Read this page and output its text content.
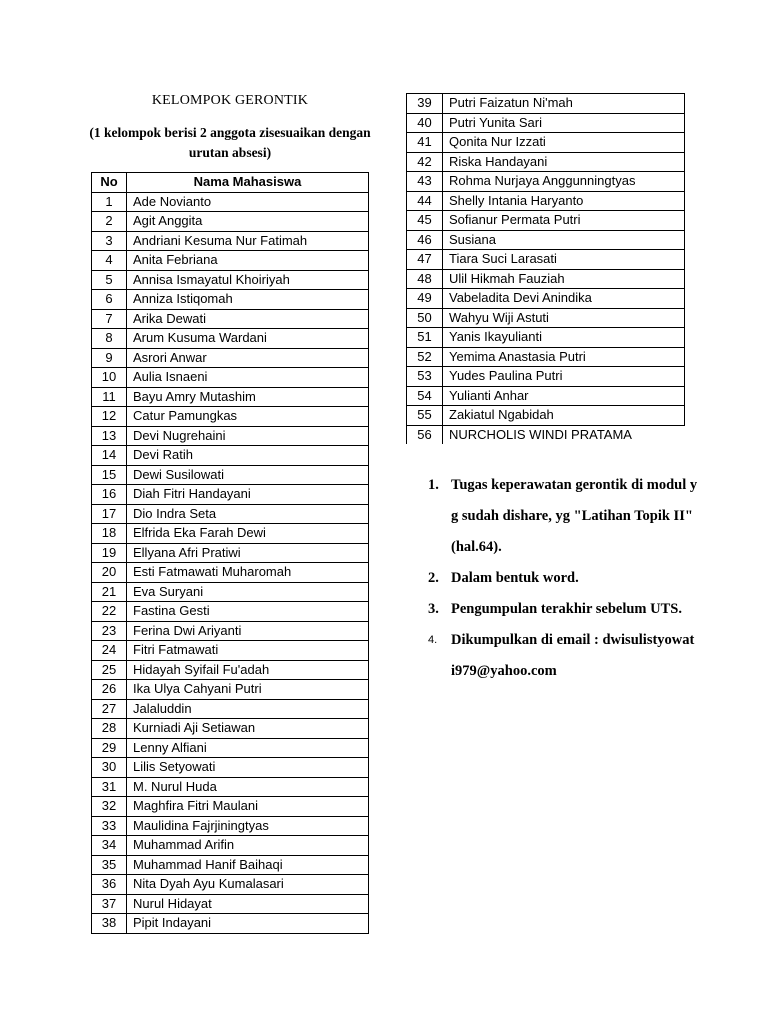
KELOMPOK GERONTIK
(1 kelompok berisi 2 anggota zisesuaikan dengan urutan absesi)
No	Nama Mahasiswa
1	Ade Novianto
2	Agit Anggita
3	Andriani Kesuma Nur Fatimah
4	Anita Febriana
5	Annisa Ismayatul Khoiriyah
6	Anniza Istiqomah
7	Arika Dewati
8	Arum Kusuma Wardani
9	Asrori Anwar
10	Aulia Isnaeni
11	Bayu Amry Mutashim
12	Catur Pamungkas
13	Devi Nugrehaini
14	Devi Ratih
15	Dewi Susilowati
16	Diah Fitri Handayani
17	Dio Indra Seta
18	Elfrida Eka Farah Dewi
19	Ellyana Afri Pratiwi
20	Esti Fatmawati Muharomah
21	Eva Suryani
22	Fastina Gesti
23	Ferina Dwi Ariyanti
24	Fitri Fatmawati
25	Hidayah Syifail Fu'adah
26	Ika Ulya Cahyani Putri
27	Jalaluddin
28	Kurniadi Aji Setiawan
29	Lenny Alfiani
30	Lilis Setyowati
31	M. Nurul Huda
32	Maghfira Fitri Maulani
33	Maulidina Fajrjiningtyas
34	Muhammad Arifin
35	Muhammad Hanif Baihaqi
36	Nita Dyah Ayu Kumalasari
37	Nurul Hidayat
38	Pipit Indayani
39	Putri Faizatun Ni'mah
40	Putri Yunita Sari
41	Qonita Nur Izzati
42	Riska Handayani
43	Rohma Nurjaya Anggunningtyas
44	Shelly Intania Haryanto
45	Sofianur Permata Putri
46	Susiana
47	Tiara Suci Larasati
48	Ulil Hikmah Fauziah
49	Vabeladita Devi Anindika
50	Wahyu Wiji Astuti
51	Yanis Ikayulianti
52	Yemima Anastasia Putri
53	Yudes Paulina Putri
54	Yulianti Anhar
55	Zakiatul Ngabidah
56	NURCHOLIS WINDI PRATAMA
1. Tugas keperawatan gerontik di modul yg sudah dishare, yg "Latihan Topik II" (hal.64).
2. Dalam bentuk word.
3. Pengumpulan terakhir sebelum UTS.
4. Dikumpulkan di email : dwisulistyowati979@yahoo.com
